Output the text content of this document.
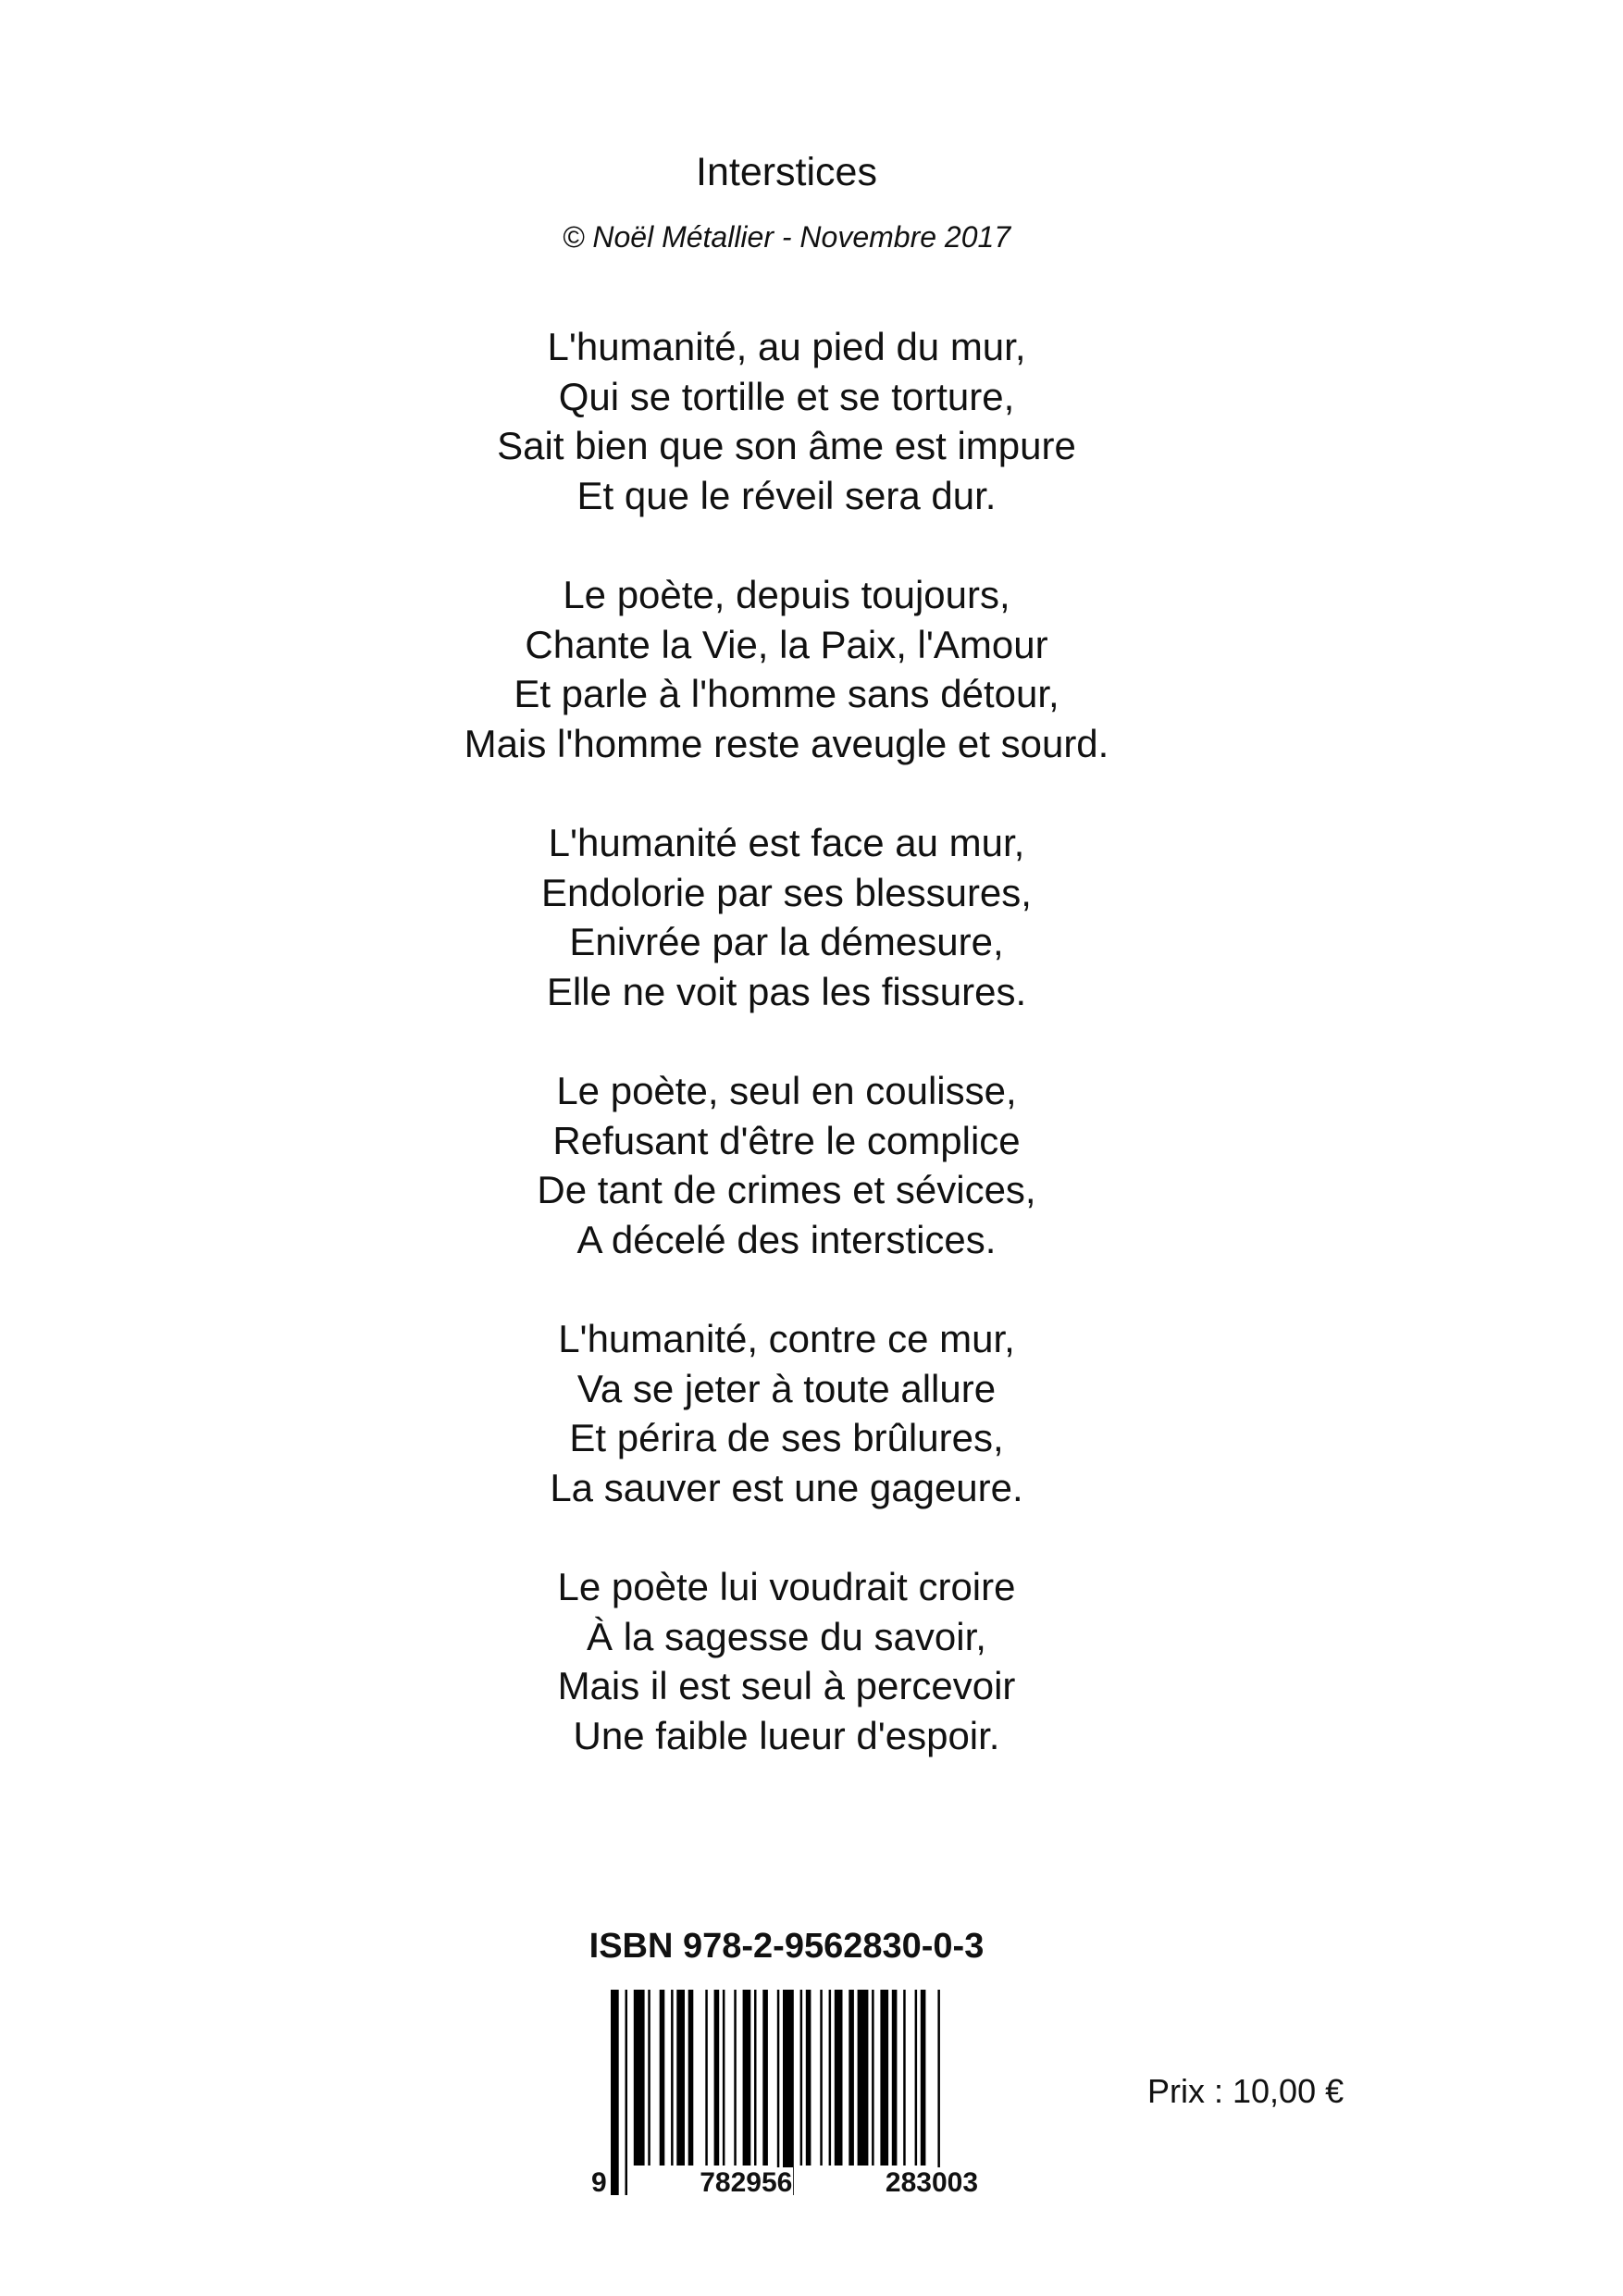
Interstices
© Noël Métallier - Novembre 2017
L'humanité, au pied du mur,
Qui se tortille et se torture,
Sait bien que son âme est impure
Et que le réveil sera dur.
Le poète, depuis toujours,
Chante la Vie, la Paix, l'Amour
Et parle à l'homme sans détour,
Mais l'homme reste aveugle et sourd.
L'humanité est face au mur,
Endolorie par ses blessures,
Enivrée par la démesure,
Elle ne voit pas les fissures.
Le poète, seul en coulisse,
Refusant d'être le complice
De tant de crimes et sévices,
A décelé des interstices.
L'humanité, contre ce mur,
Va se jeter à toute allure
Et périra de ses brûlures,
La sauver est une gageure.
Le poète lui voudrait croire
À la sagesse du savoir,
Mais il est seul à percevoir
Une faible lueur d'espoir.
ISBN 978-2-9562830-0-3
9	782956	283003
Prix : 10,00 €
